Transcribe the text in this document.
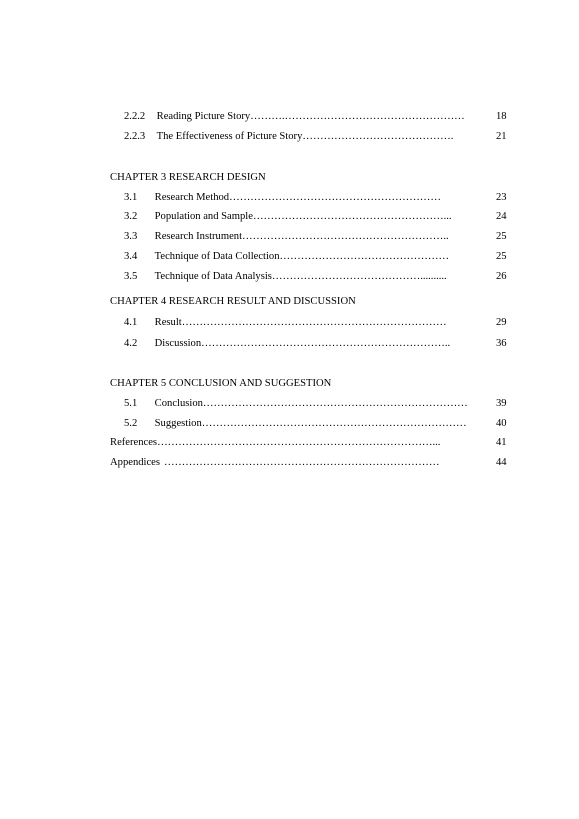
2.2.2 Reading Picture Story……….……………………………………………	18
2.2.3 The Effectiveness of Picture Story…………………………………….	21
CHAPTER 3 RESEARCH DESIGN
3.1 Research Method……………………………………………………	23
3.2 Population and Sample………………………………………………...	24
3.3 Research Instrument…………………………………………………..	25
3.4 Technique of Data Collection…………………………………………	25
3.5 Technique of Data Analysis……………………………………..........	26
CHAPTER 4 RESEARCH RESULT AND DISCUSSION
4.1 Result…………………………………………………………………	29
4.2 Discussion……………………………………………………………..	36
CHAPTER 5 CONCLUSION AND SUGGESTION
5.1 Conclusion…………………………………………………………………	39
5.2 Suggestion…………………………………………………………………	40
References……………………………………………………………………...	41
Appendices ……………………………………………………………………	44
